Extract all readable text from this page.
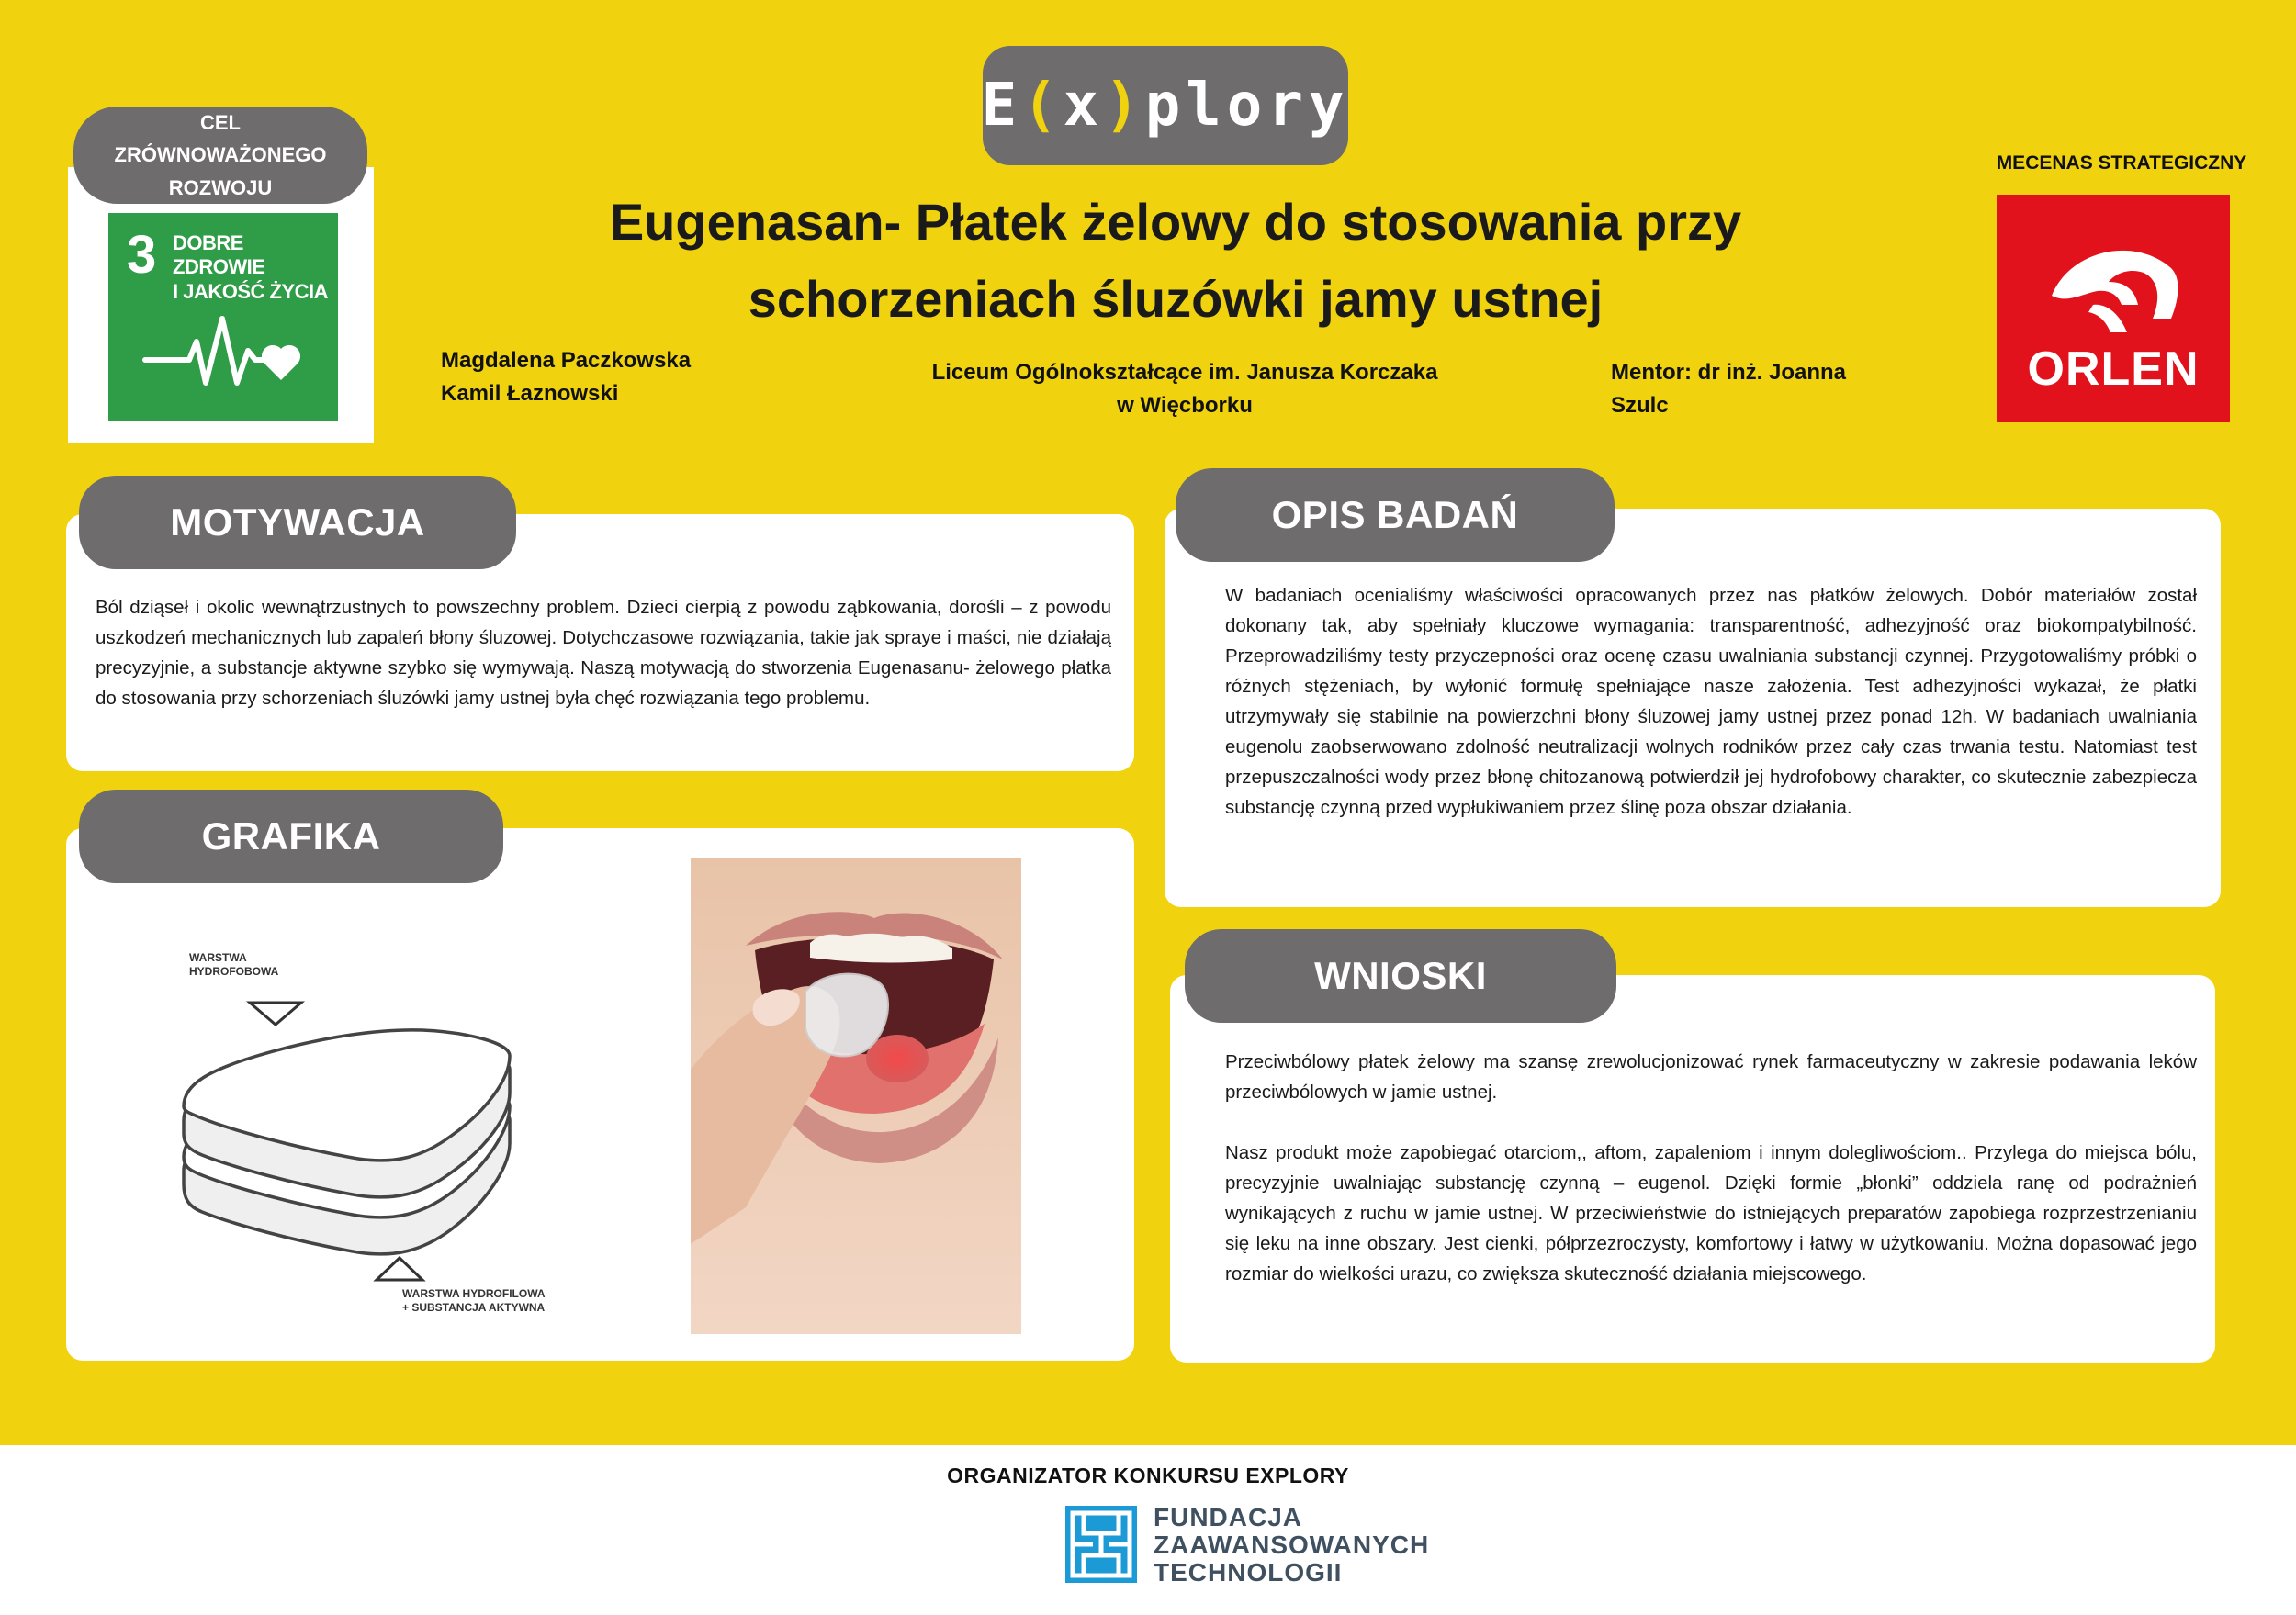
E ( x ) plory
CEL
ZRÓWNOWAŻONEGO
ROZWOJU
3 DOBRE ZDROWIE
I JAKOŚĆ ŻYCIA
MECENAS STRATEGICZNY
ORLEN
Eugenasan- Płatek żelowy do stosowania przy schorzeniach śluzówki jamy ustnej
Magdalena Paczkowska
Kamil Łaznowski
Liceum Ogólnokształcące im. Janusza Korczaka
w Więcborku
Mentor: dr inż. Joanna
Szulc
MOTYWACJA
Ból dziąseł i okolic wewnątrzustnych to powszechny problem. Dzieci cierpią z powodu ząbkowania, dorośli – z powodu uszkodzeń mechanicznych lub zapaleń błony śluzowej. Dotychczasowe rozwiązania, takie jak spraye i maści, nie działają precyzyjnie, a substancje aktywne szybko się wymywają. Naszą motywacją do stworzenia Eugenasanu- żelowego płatka do stosowania przy schorzeniach śluzówki jamy ustnej była chęć rozwiązania tego problemu.
GRAFIKA
WARSTWA
HYDROFOBOWA
WARSTWA HYDROFILOWA
+ SUBSTANCJA AKTYWNA
OPIS BADAŃ
W badaniach ocenialiśmy właściwości opracowanych przez nas płatków żelowych. Dobór materiałów został dokonany tak, aby spełniały kluczowe wymagania: transparentność, adhezyjność oraz biokompatybilność. Przeprowadziliśmy testy przyczepności oraz ocenę czasu uwalniania substancji czynnej. Przygotowaliśmy próbki o różnych stężeniach, by wyłonić formułę spełniające nasze założenia. Test adhezyjności wykazał, że płatki utrzymywały się stabilnie na powierzchni błony śluzowej jamy ustnej przez ponad 12h. W badaniach uwalniania eugenolu zaobserwowano zdolność neutralizacji wolnych rodników przez cały czas trwania testu. Natomiast test przepuszczalności wody przez błonę chitozanową potwierdził jej hydrofobowy charakter, co skutecznie zabezpiecza substancję czynną przed wypłukiwaniem przez ślinę poza obszar działania.
WNIOSKI

Przeciwbólowy płatek żelowy ma szansę zrewolucjonizować rynek farmaceutyczny w zakresie podawania leków przeciwbólowych w jamie ustnej.

Nasz produkt może zapobiegać otarciom,, aftom, zapaleniom i innym dolegliwościom.. Przylega do miejsca bólu, precyzyjnie uwalniając substancję czynną – eugenol. Dzięki formie „błonki” oddziela ranę od podrażnień wynikających z ruchu w jamie ustnej. W przeciwieństwie do istniejących preparatów zapobiega rozprzestrzenianiu się leku na inne obszary. Jest cienki, półprzezroczysty, komfortowy i łatwy w użytkowaniu. Można dopasować jego rozmiar do wielkości urazu, co zwiększa skuteczność działania miejscowego.

ORGANIZATOR KONKURSU EXPLORY
FUNDACJA
ZAAWANSOWANYCH
TECHNOLOGII
